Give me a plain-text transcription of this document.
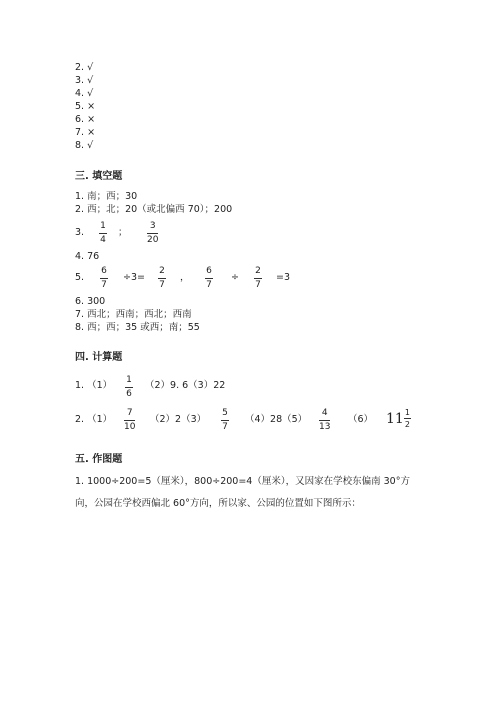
2. √
3. √
4. √
5. ×
6. ×
7. ×
8. √
三. 填空题
1. 南；西；30
2. 西；北；20（或北偏西 70）；200
3.
1
4
；
3
20
4. 76
5.
6
7
÷3=
2
7
，
6
7
÷
2
7
=3
6. 300
7. 西北；西南；西北；西南
8. 西；西；35 或西；南；55
四. 计算题
1. （1） 1
6
（2）9. 6（3）22
2. （1）
7
10
（2）2（3）
5
7
（4）28（5）
4
13
（6） $11 \frac{1}{2}$
五. 作图题
1. 1000÷200=5（厘米），800÷200=4（厘米），又因家在学校东偏南 30°方
向，公园在学校西偏北 60°方向，所以家、公园的位置如下图所示：
